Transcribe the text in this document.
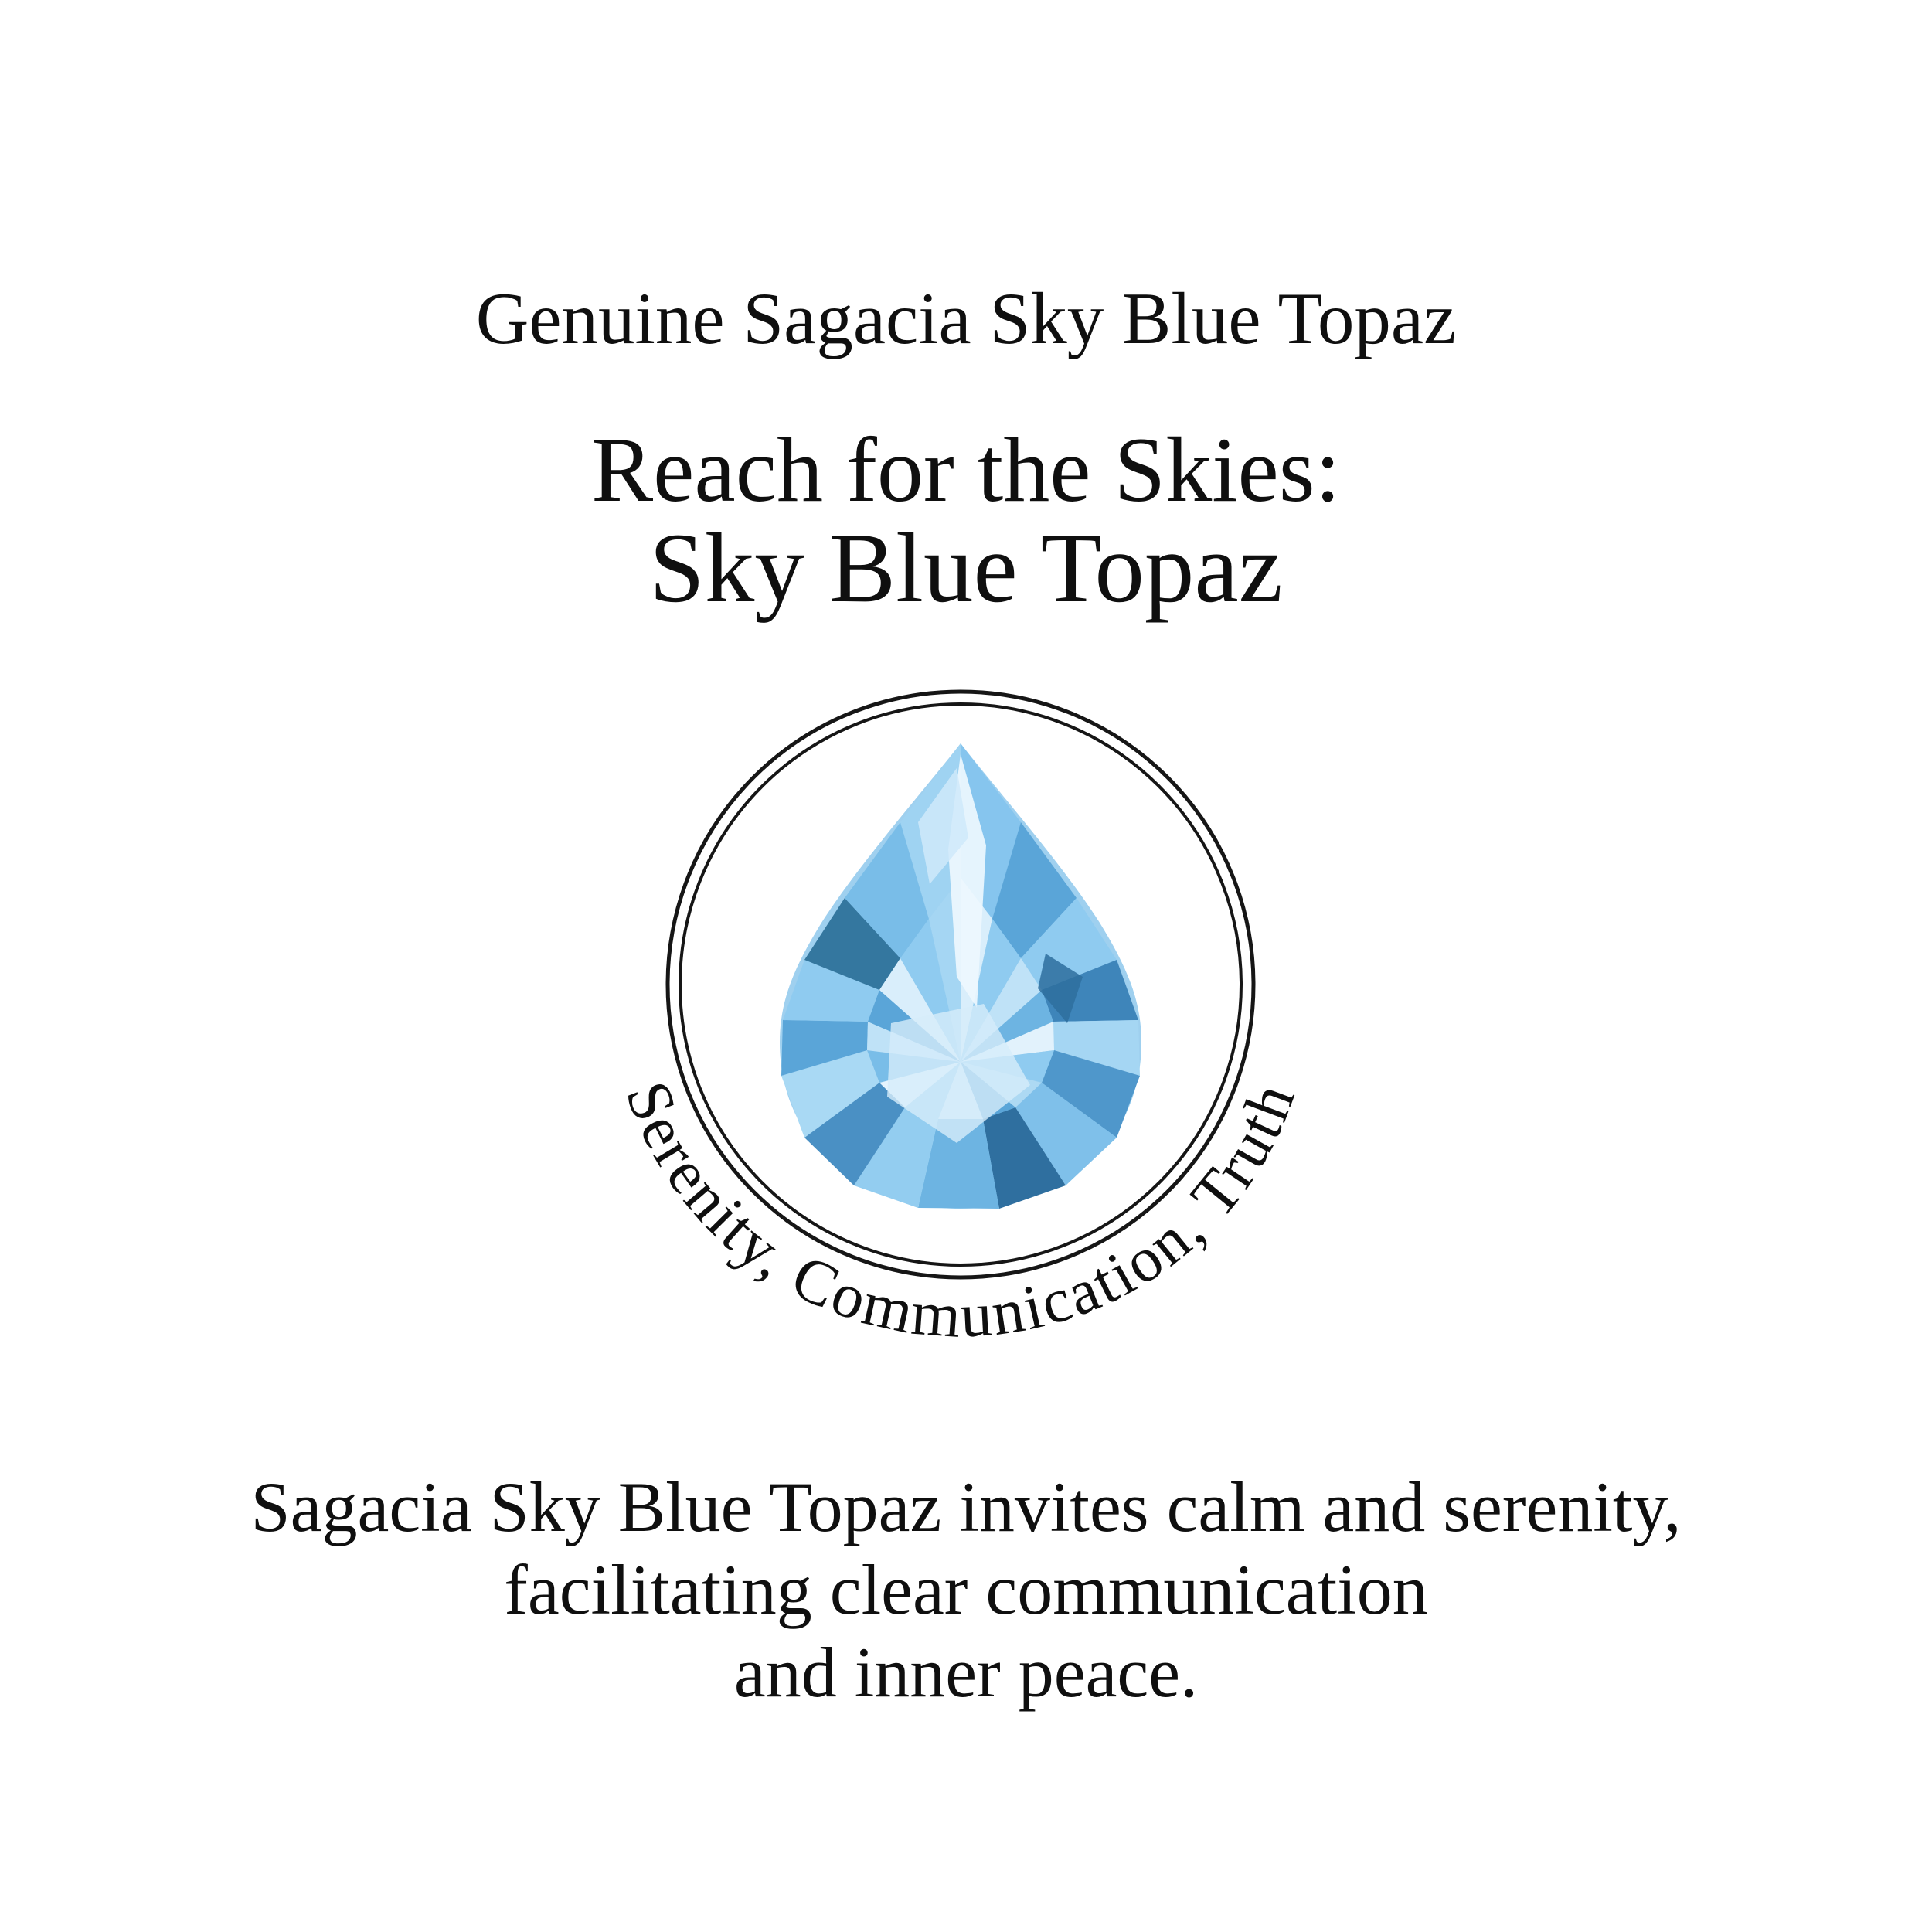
Genuine Sagacia Sky Blue Topaz
Reach for the Skies:
Sky Blue Topaz
Serenity, Communication, Truth
Sagacia Sky Blue Topaz invites calm and serenity,
facilitating clear communication
and inner peace.
